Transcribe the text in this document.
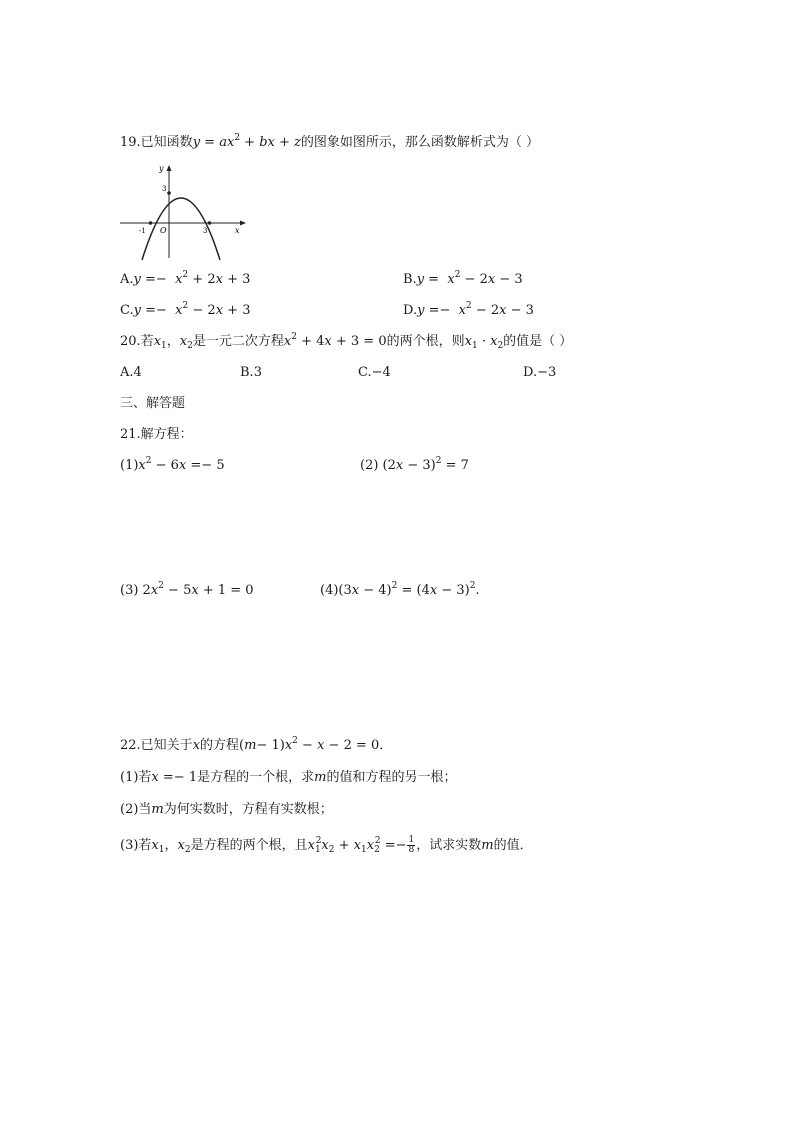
19.已知函数$y = ax^2$ + bx + z的图象如图所示，那么函数解析式为（ ）
y
x
O
-1	3
3
$A.y =- x^2 + 2x + 3$	$B.y = x^2 - 2x - 3$
$C.y =- x^2 - 2x + 3$	$D.y =- x^2 - 2x - 3$
20.若$x_1$，$x_2$是一元二次方程$x^2 + 4x + 3 = 0$的两个根，则$x_1 \cdot x_2$的值是（ ）
A.4	B.3	C.−4	D.−3
三、解答题
21.解方程：
$(1)x^2 - 6x =- 5$	(2) $(2x - 3)^2 = 7$
(3) $2x^2 - 5x + 1 = 0$	$(4)(3x - 4)^2 = (4x - 3)^2$.
22.已知关于x的方程$(m- 1)x^2 - x - 2 = 0$．
(1)若x =− 1是方程的一个根，求m的值和方程的另一根；
(2)当m为何实数时，方程有实数根；
(3)若$x_1$，$x_2$是方程的两个根，且$x_1^2x_2 + x_1x_2^2 =- \frac{1}{8}$ ，试求实数m的值．
